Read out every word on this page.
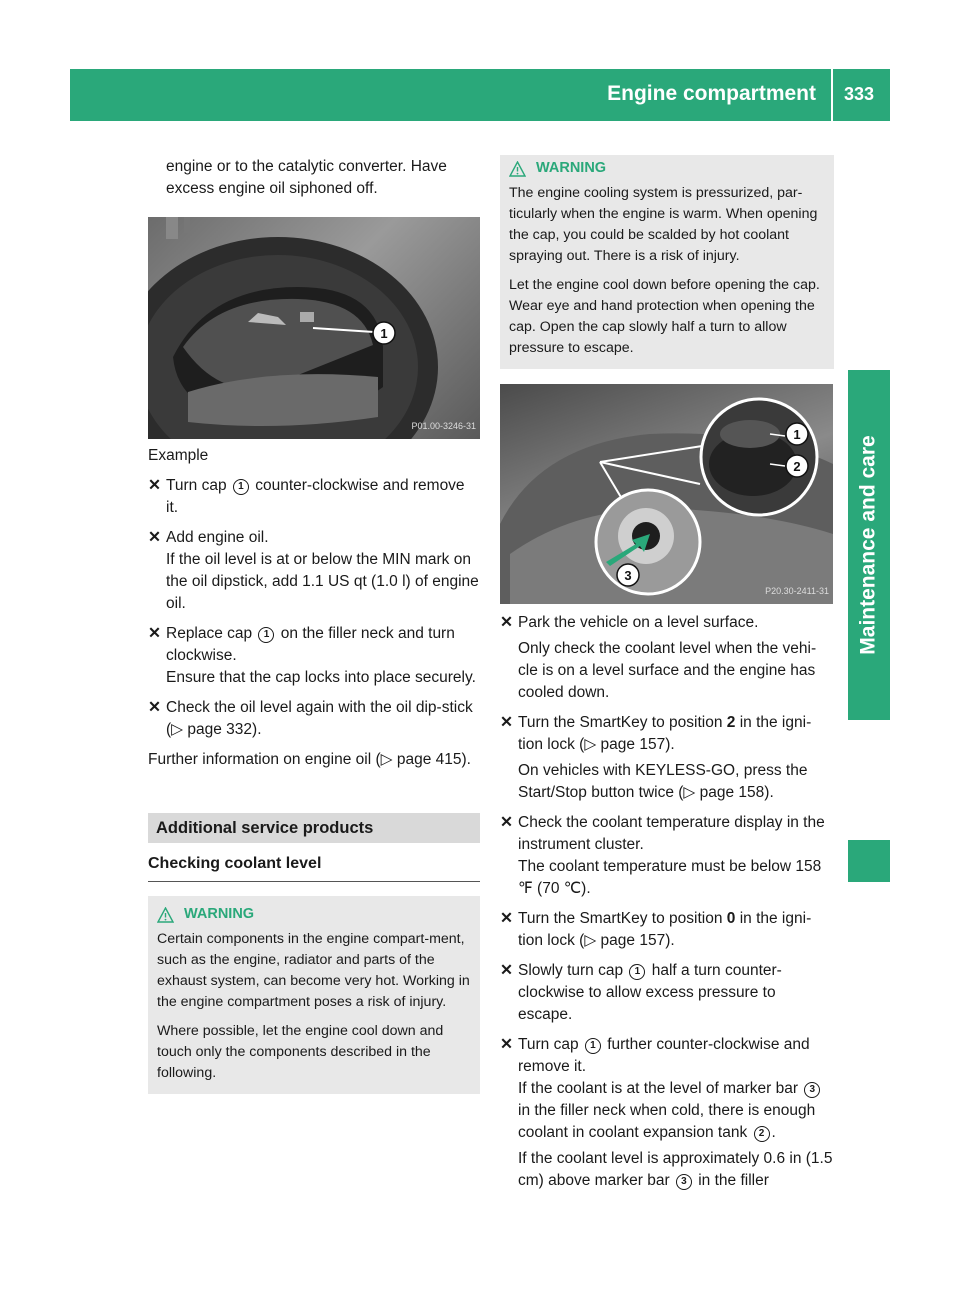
Engine compartment 333
Maintenance and care

engine or to the catalytic converter. Have excess engine oil siphoned off.

1
P01.00-3246-31

Example

✕ Turn cap 1 counter-clockwise and remove it.
✕ Add engine oil.

If the oil level is at or below the MIN mark on the oil dipstick, add 1.1 US qt (1.0 l) of engine oil.

✕ Replace cap 1 on the filler neck and turn clockwise.

Ensure that the cap locks into place securely.

✕ Check the oil level again with the oil dip-stick (▷ page 332).

Further information on engine oil (▷ page 415).

Additional service products
Checking coolant level
WARNING

Certain components in the engine compart-ment, such as the engine, radiator and parts of the exhaust system, can become very hot. Working in the engine compartment poses a risk of injury.

Where possible, let the engine cool down and touch only the components described in the following.

WARNING

The engine cooling system is pressurized, par-ticularly when the engine is warm. When opening the cap, you could be scalded by hot coolant spraying out. There is a risk of injury.

Let the engine cool down before opening the cap. Wear eye and hand protection when opening the cap. Open the cap slowly half a turn to allow pressure to escape.

1
2
3
P20.30-2411-31
✕ Park the vehicle on a level surface.

Only check the coolant level when the vehi-cle is on a level surface and the engine has cooled down.

✕ Turn the SmartKey to position 2 in the igni-tion lock (▷ page 157).

On vehicles with KEYLESS-GO, press the Start/Stop button twice (▷ page 158).

✕ Check the coolant temperature display in the instrument cluster.

The coolant temperature must be below 158 ℉ (70 ℃).

✕ Turn the SmartKey to position 0 in the igni-tion lock (▷ page 157).
✕ Slowly turn cap 1 half a turn counter-clockwise to allow excess pressure to escape.
✕ Turn cap 1 further counter-clockwise and remove it.

If the coolant is at the level of marker bar 3 in the filler neck when cold, there is enough coolant in coolant expansion tank 2 .

If the coolant level is approximately 0.6 in (1.5 cm) above marker bar 3 in the filler
